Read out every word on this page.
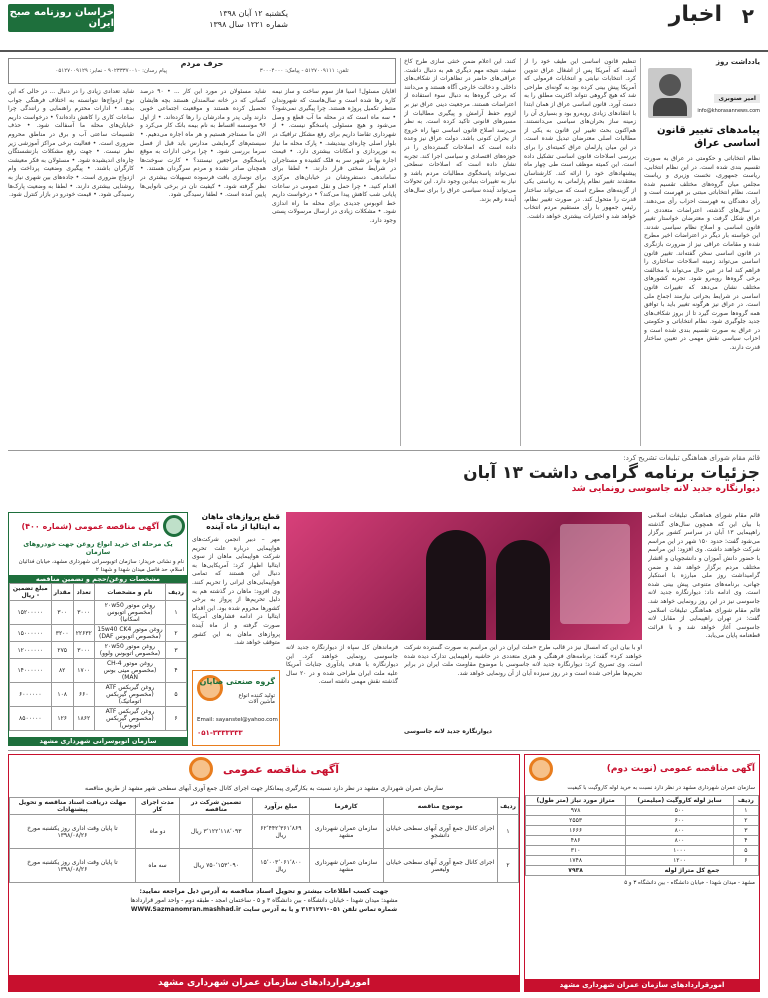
۲
اخبار
یکشنبه ۱۲ آبان ۱۳۹۸
شماره ۱۲۲۱ سال ۱۳۹۸
خراسان روزنامه صبح ایران
یادداشت روز
امیر صنوبری
info@khorasannews.com
پیامدهای تغییر قانون اساسی عراق
نظام انتخاباتی و حکومتی در عراق به صورت تقسیم بندی شده است. در این نظام انتخابی، ریاست جمهوری، نخست وزیری و ریاست مجلس میان گروه‌های مختلف تقسیم شده است. نظام انتخاباتی مبتنی بر فهرست است و رأی دهندگان به فهرست احزاب رأی می‌دهند. در سال‌های گذشته، اعتراضات متعددی در عراق شکل گرفت و معترضان خواستار تغییر قانون اساسی و اصلاح نظام سیاسی شدند. این خواسته بار دیگر در اعتراضات اخیر مطرح شده و مقامات عراقی نیز از ضرورت بازنگری در قانون اساسی سخن گفته‌اند. تغییر قانون اساسی می‌تواند زمینه اصلاحات ساختاری را فراهم کند اما در عین حال می‌تواند با مخالفت برخی گروه‌ها روبه‌رو شود. تجربه کشورهای مختلف نشان می‌دهد که تغییرات قانون اساسی در شرایط بحرانی نیازمند اجماع ملی است. در عراق نیز هرگونه تغییر باید با توافق همه گروه‌ها صورت گیرد تا از بروز شکاف‌های جدید جلوگیری شود. نظام انتخاباتی و حکومتی در عراق به صورت تقسیم بندی شده است و احزاب سیاسی نقش مهمی در تعیین ساختار قدرت دارند.
تنظیم قانون اساسی این طیف خود را از آنسته که آمریکا پس از اشغال عراق تدوین کرد. انتخابات نیابتی و انتخابات فرمولی که آمریکا پیش بینی کرده بود به گونه‌ای طراحی شد که هیچ گروهی نتواند اکثریت مطلق را به دست آورد. قانون اساسی عراق از همان ابتدا با انتقادهای زیادی روبه‌رو بود و بسیاری آن را زمینه ساز بحران‌های سیاسی می‌دانستند. هم‌اکنون بحث تغییر این قانون به یکی از مطالبات اصلی معترضان تبدیل شده است. در این میان پارلمان عراق کمیته‌ای را برای بررسی اصلاحات قانون اساسی تشکیل داده است. این کمیته موظف است طی چهار ماه پیشنهادهای خود را ارائه کند. کارشناسان معتقدند تغییر نظام پارلمانی به ریاستی یکی از گزینه‌های مطرح است که می‌تواند ساختار قدرت را متحول کند. در صورت تغییر نظام، رئیس جمهور با رأی مستقیم مردم انتخاب خواهد شد و اختیارات بیشتری خواهد داشت.
کنند. این اعلام ضمن خنثی سازی طرح کاخ سفید، نتیجه مهم دیگری هم به دنبال داشت. عراقی‌های حاضر در تظاهرات از شکاف‌های داخلی و دخالت خارجی آگاه هستند و می‌دانند که برخی گروه‌ها به دنبال سوء استفاده از اعتراضات هستند. مرجعیت دینی عراق نیز بر لزوم حفظ آرامش و پیگیری مطالبات از مسیرهای قانونی تاکید کرده است. به نظر می‌رسد اصلاح قانون اساسی تنها راه خروج از بحران کنونی باشد. دولت عراق نیز وعده داده است که اصلاحات گسترده‌ای را در حوزه‌های اقتصادی و سیاسی اجرا کند. تجربه نشان داده است که اصلاحات سطحی نمی‌تواند پاسخگوی مطالبات مردم باشد و نیاز به تغییرات بنیادین وجود دارد. این تحولات می‌تواند آینده سیاسی عراق را برای سال‌های آینده رقم بزند.
حرف مردم
تلفن: ۵۱۲۷۰۰۹۱۱۱ - پیامک: ۳۰۰۰۴۰۰۰
پیام رسان: ۹۰۲۳۳۳۷۰۰۱۰ - نمابر: ۰۵۱۲۷۰۰۹۱۲۹
آقایان مسئول! آسیا فاز سوم ساخت و ساز نیمه کاره رها شده است و سال‌هاست که شهروندان منتظر تکمیل پروژه هستند. چرا پیگیری نمی‌شود؟ • سه ماه است که در محله ما آب قطع و وصل می‌شود و هیچ مسئولی پاسخگو نیست. • از شهرداری تقاضا داریم برای رفع مشکل ترافیک در بلوار اصلی چاره‌ای بیندیشد. • پارک محله ما نیاز به نورپردازی و امکانات بیشتری دارد. • قیمت اجاره بها در شهر سر به فلک کشیده و مستاجران در شرایط سختی قرار دارند. • لطفا برای ساماندهی دستفروشان در خیابان‌های مرکزی اقدام کنید. • چرا حمل و نقل عمومی در ساعات پایانی شب کاهش پیدا می‌کند؟ • درخواست داریم خط اتوبوس جدیدی برای محله ما راه اندازی شود. • مشکلات زیادی در ارسال مرسولات پستی وجود دارد.
شاید مسئولان در مورد این کار ... • ۹۰ درصد کسانی که در خانه سالمندان هستند بچه هایشان تحصیل کرده هستند و موقعیت اجتماعی خوبی دارند ولی پدر و مادرشان را رها کرده‌اند. • از اول ۹۶ موسسه اقساط به نام بیمه بانک کار می‌کرد و الان ما مستاجر هستیم و هر ماه اجاره می‌دهیم. • سیستم‌های گرمایشی مدارس باید قبل از فصل سرما بررسی شود. • چرا برخی ادارات به موقع پاسخگوی مراجعین نیستند؟ • کارت سوخت‌ها همچنان صادر نشده و مردم سرگردان هستند. • برای نوسازی بافت فرسوده تسهیلات بیشتری در نظر گرفته شود. • کیفیت نان در برخی نانوایی‌ها پایین آمده است. • لطفا رسیدگی شود.
شاید تعدادی زیادی را در دنبال ... در حالی که این نوع ازدواج‌ها نتوانسته به اختلاف فرهنگی جواب بدهد. • ادارات محترم راهنمایی و رانندگی چرا ساعات کاری را کاهش داده‌اند؟ • درخواست داریم خیابان‌های محله ما آسفالت شود. • حذف تقسیمات ساعتی آب و برق در مناطق محروم ضروری است. • فعالیت برخی مراکز آموزشی زیر نظر نیست. • جهت رفع مشکلات بازنشستگان چاره‌ای اندیشیده شود. • مسئولان به فکر معیشت کارگران باشند. • پیگیری وضعیت پرداخت وام ازدواج ضروری است. • جاده‌های بین شهری نیاز به روشنایی بیشتری دارند. • لطفا به وضعیت پارک‌ها رسیدگی شود. • قیمت خودرو در بازار کنترل شود.
قائم مقام شورای هماهنگی تبلیغات تشریح کرد:
جزئیات برنامه گرامی داشت ۱۳ آبان
دیوارنگاره جدید لانه جاسوسی رونمایی شد
قائم مقام شورای هماهنگی تبلیغات اسلامی با بیان این که همچون سال‌های گذشته راهپیمایی ۱۳ آبان در سراسر کشور برگزار می‌شود گفت: حدود ۱۵۰ شهر در این مراسم شرکت خواهند داشت. وی افزود: این مراسم با حضور دانش آموزان و دانشجویان و اقشار مختلف مردم برگزار خواهد شد و ضمن گرامیداشت روز ملی مبارزه با استکبار جهانی، برنامه‌های متنوعی پیش بینی شده است. وی ادامه داد: دیوارنگاره جدید لانه جاسوسی نیز در این روز رونمایی خواهد شد. قائم مقام شورای هماهنگی تبلیغات اسلامی گفت: در تهران راهپیمایی از مقابل لانه جاسوسی آغاز خواهد شد و با قرائت قطعنامه پایان می‌یابد.
او با بیان این که امسال نیز در قالب طرح «ملت ایران در این مراسم به صورت گسترده شرکت خواهند کرد» گفت: برنامه‌های فرهنگی و هنری متعددی در حاشیه راهپیمایی تدارک دیده شده است. وی تصریح کرد: دیوارنگاره جدید لانه جاسوسی با موضوع مقاومت ملت ایران در برابر تحریم‌ها طراحی شده است و در روز سیزده آبان از آن رونمایی خواهد شد.
دیوارنگاره جدید لانه جاسوسی
فرماندهان کل سپاه از دیوارنگاره جدید لانه جاسوسی رونمایی خواهند کرد. این دیوارنگاره با هدف یادآوری جنایات آمریکا علیه ملت ایران طراحی شده و در ۲۰ سال گذشته نقش مهمی داشته است.
قطع پروازهای ماهان به ایتالیا از ماه آینده
مهر – دبیر انجمن شرکت‌های هواپیمایی درباره علت تحریم شرکت هواپیمایی ماهان از سوی ایتالیا اظهار کرد: آمریکایی‌ها به دنبال این هستند که تمامی هواپیمایی‌های ایرانی را تحریم کنند. وی افزود: ماهان در گذشته هم به دلیل تحریم‌ها از پرواز به برخی کشورها محروم شده بود. این اقدام ایتالیا در ادامه فشارهای آمریکا صورت گرفته و از ماه آینده پروازهای ماهان به این کشور متوقف خواهد شد.
گروه صنعتی صایان
تولید کننده انواع ماشین آلات
Email: sayanstel@yahoo.com
۰۵۱-۳۳۳۳۳۳۳
آگهی مناقصه عمومی (شماره ۴۰۰)
یک مرحله ای خرید انواع روغن جهت خودروهای سازمان
نام و نشانی خریدار: سازمان اتوبوسرانی شهرداری مشهد، خیابان فدائیان اسلام، حد فاصل میدان شهدا و شهدا ۲
مشخصات روغن/حجم و تضمین مناقصه
ردیف	نام و مشخصات	تعداد	مقدار	مبلغ تضمین - ریال
۱	روغن موتور ۲۰w50 (مخصوص اتوبوس اسکانیا)	۳۰۰۰	۳۰۰	۱۵۲۰۰۰۰۰
۲	روغن موتور 15w40 CK4 (مخصوص اتوبوس DAF)	۲۲۶۳۲	۳۲۰۰	۱۵۰۰۰۰۰۰
۳	روغن موتور ۲۰w50 (مخصوص اتوبوس ولوو)	۳۰۰۰	۲۷۵	۱۲۰۰۰۰۰۰
۴	روغن موتور CH-4 (مخصوص مینی بوس MAN)	۱۷۰۰	۸۲	۱۴۰۰۰۰۰۰
۵	روغن گیربکس ATF (مخصوص گیربکس اتوماتیک)	۶۶۰	۱۰۸	۶۰۰۰۰۰۰
۶	روغن گیربکس ATF (مخصوص گیربکس اتوبوس)	۱۸۶۲	۱۲۶	۸۵۰۰۰۰۰
سازمان اتوبوسرانی شهرداری مشهد
آگهی مناقصه عمومی (نوبت دوم)
سازمان عمران شهرداری مشهد در نظر دارد نسبت به خرید لوله کاروگیت با کیفیت
ردیف	سایز لوله کاروگیت (میلیمتر)	متراژ مورد نیاز (متر طول)
۱	۵۰۰	۹۷۸
۲	۶۰۰	۲۵۵۳
۳	۸۰۰	۱۶۶۶
۴	۸۰۰	۴۸۶
۵	۱۰۰۰	۳۱۰
۶	۱۲۰۰	۱۷۴۸
جمع کل متراژ لوله		۷۹۳۸
مشهد - میدان شهدا - خیابان دانشگاه - بین دانشگاه ۳ و ۵
امورقراردادهای سازمان عمران شهرداری مشهد
آگهی مناقصه عمومی
سازمان عمران شهرداری مشهد در نظر دارد نسبت به بکارگیری پیمانکار جهت اجرای کانال جمع آوری آبهای سطحی شهر مشهد از طریق مناقصه
ردیف	موضوع مناقصه	کارفرما	مبلغ برآورد	تضمین شرکت در مناقصه	مدت اجرای کار	مهلت دریافت اسناد مناقصه و تحویل پیشنهادات
۱	اجرای کانال جمع آوری آبهای سطحی خیابان دانشجو	سازمان عمران شهرداری مشهد	۶۲٬۴۴۲٬۳۶۱٬۸۶۹ ریال	۳٬۱۲۲٬۱۱۸٬۰۹۳ ریال	دو ماه	تا پایان وقت اداری روز یکشنبه مورخ ۱۳۹۸/۰۸/۲۶
۲	اجرای کانال جمع آوری آبهای سطحی خیابان ولیعصر	سازمان عمران شهرداری مشهد	۱۵٬۰۰۳٬۰۶۱٬۸۰۰ ریال	۷۵۰٬۱۵۳٬۰۹۰ ریال	سه ماه	تا پایان وقت اداری روز یکشنبه مورخ ۱۳۹۸/۰۸/۲۶
جهت کسب اطلاعات بیشتر و تحویل اسناد مناقصه به آدرس ذیل مراجعه نمایید:
مشهد: میدان شهدا - خیابان دانشگاه - بین دانشگاه ۳ و ۵ - ساختمان امجد - طبقه دوم - واحد امور قراردادها
شماره تماس تلفن ۰۵۱-۳۱۳۱۲۷۱ و یا به آدرس سایت WWW.Sazmanomran.mashhad.ir
امورقراردادهای سازمان عمران شهرداری مشهد
